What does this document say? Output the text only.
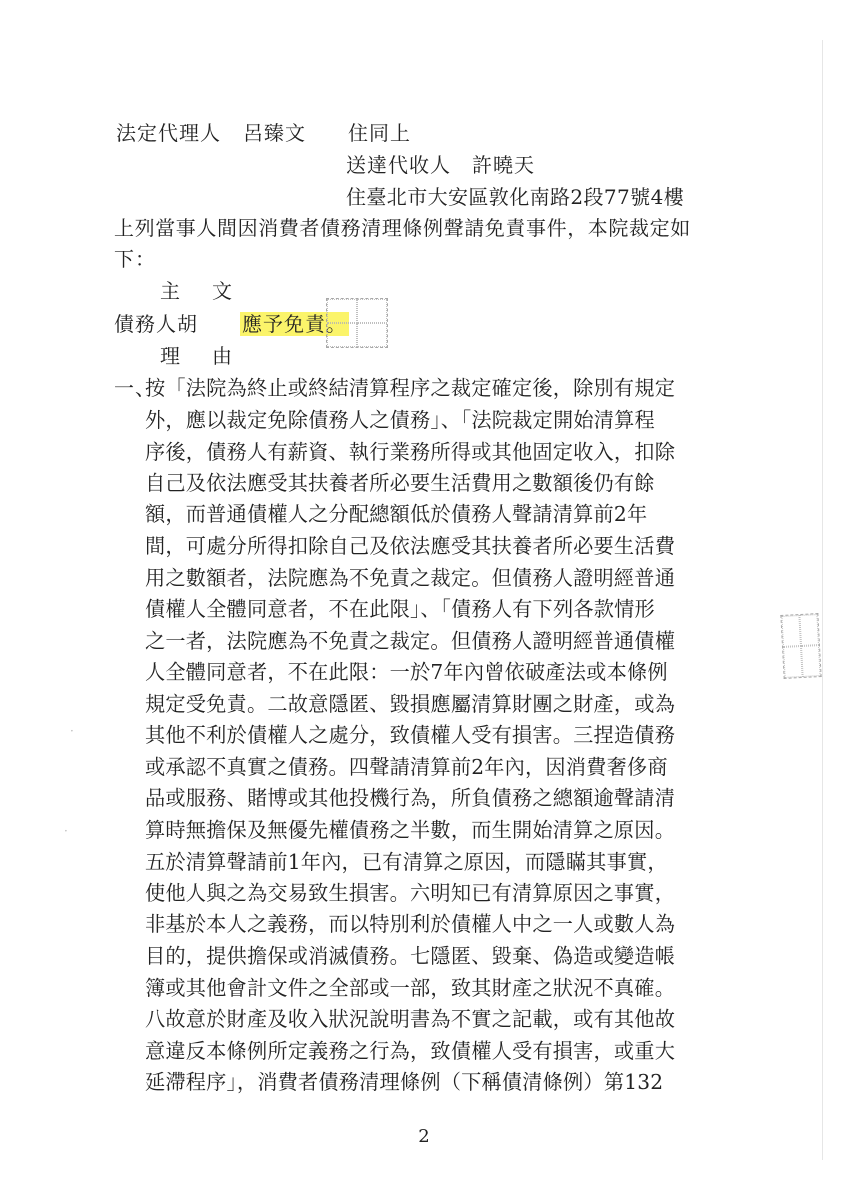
法定代理人 呂臻文 住同上
送達代收人　許曉天
住臺北市大安區敦化南路2段77號4樓
上列當事人間因消費者債務清理條例聲請免責事件，本院裁定如
下：
主　文
債務人胡 應予免責。
理　由
一、
按「法院為終止或終結清算程序之裁定確定後，除別有規定
外，應以裁定免除債務人之債務」、「法院裁定開始清算程
序後，債務人有薪資、執行業務所得或其他固定收入，扣除
自己及依法應受其扶養者所必要生活費用之數額後仍有餘
額，而普通債權人之分配總額低於債務人聲請清算前2年
間，可處分所得扣除自己及依法應受其扶養者所必要生活費
用之數額者，法院應為不免責之裁定。但債務人證明經普通
債權人全體同意者，不在此限」、「債務人有下列各款情形
之一者，法院應為不免責之裁定。但債務人證明經普通債權
人全體同意者，不在此限：一於7年內曾依破產法或本條例
規定受免責。二故意隱匿、毀損應屬清算財團之財產，或為
其他不利於債權人之處分，致債權人受有損害。三捏造債務
或承認不真實之債務。四聲請清算前2年內，因消費奢侈商
品或服務、賭博或其他投機行為，所負債務之總額逾聲請清
算時無擔保及無優先權債務之半數，而生開始清算之原因。
五於清算聲請前1年內，已有清算之原因，而隱瞞其事實，
使他人與之為交易致生損害。六明知已有清算原因之事實，
非基於本人之義務，而以特別利於債權人中之一人或數人為
目的，提供擔保或消滅債務。七隱匿、毀棄、偽造或變造帳
簿或其他會計文件之全部或一部，致其財產之狀況不真確。
八故意於財產及收入狀況說明書為不實之記載，或有其他故
意違反本條例所定義務之行為，致債權人受有損害，或重大
延滯程序」，消費者債務清理條例（下稱債清條例）第132
·
·
2
